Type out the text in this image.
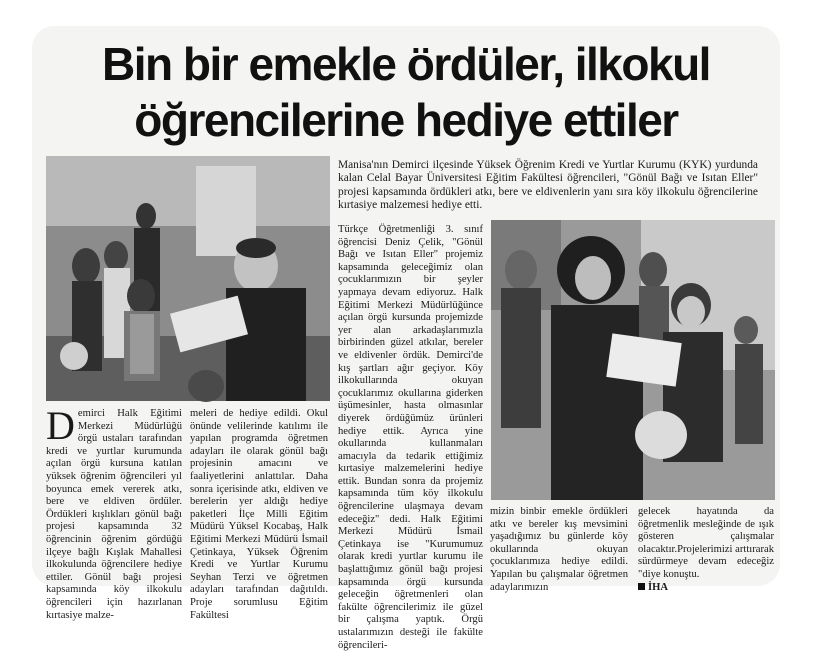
Bin bir emekle ördüler, ilkokul
öğrencilerine hediye ettiler
Manisa'nın Demirci ilçesinde Yüksek Öğrenim Kredi ve Yurtlar Kurumu (KYK) yurdunda kalan Celal Bayar Üniversitesi Eğitim Fakültesi öğrencileri, "Gönül Bağı ve Isıtan Eller" projesi kapsamında ördükleri atkı, bere ve eldivenlerin yanı sıra köy ilkokulu öğrencilerine kırtasiye malzemesi hediye etti.
Demirci Halk Eğitimi Merkezi Müdürlüğü örgü ustaları tarafından kredi ve yurtlar kurumunda açılan örgü kursuna katılan yüksek öğrenim öğrencileri yıl boyunca emek vererek atkı, bere ve eldiven ördüler. Ördükleri kışlıkları gönül bağı projesi kapsamında 32 öğrencinin öğrenim gördüğü ilçeye bağlı Kışlak Mahallesi ilkokulunda öğrencilere hediye ettiler. Gönül bağı projesi kapsamında köy ilkokulu öğrencileri için hazırlanan kırtasiye malze-
meleri de hediye edildi. Okul önünde velilerinde katılımı ile yapılan programda öğretmen adayları ile olarak gönül bağı projesinin amacını ve faaliyetlerini anlattılar. Daha sonra içerisinde atkı, eldiven ve berelerin yer aldığı hediye paketleri İlçe Milli Eğitim Müdürü Yüksel Kocabaş, Halk Eğitimi Merkezi Müdürü İsmail Çetinkaya, Yüksek Öğrenim Kredi ve Yurtlar Kurumu Seyhan Terzi ve öğretmen adayları tarafından dağıtıldı. Proje sorumlusu Eğitim Fakültesi
Türkçe Öğretmenliği 3. sınıf öğrencisi Deniz Çelik, "Gönül Bağı ve Isıtan Eller" projemiz kapsamında geleceğimiz olan çocuklarımızın bir şeyler yapmaya devam ediyoruz. Halk Eğitimi Merkezi Müdürlüğünce açılan örgü kursunda projemizde yer alan arkadaşlarımızla birbirinden güzel atkılar, bereler ve eldivenler ördük. Demirci'de kış şartları ağır geçiyor. Köy ilkokullarında okuyan çocuklarımız okullarına giderken üşümesinler, hasta olmasınlar diyerek ördüğümüz ürünleri hediye ettik. Ayrıca yine okullarında kullanmaları amacıyla da tedarik ettiğimiz kırtasiye malzemelerini hediye ettik. Bundan sonra da projemiz kapsamında tüm köy ilkokulu öğrencilerine ulaşmaya devam edeceğiz" dedi. Halk Eğitimi Merkezi Müdürü İsmail Çetinkaya ise "Kurumumuz olarak kredi yurtlar kurumu ile başlattığımız gönül bağı projesi kapsamında örgü kursunda geleceğin öğretmenleri olan fakülte öğrencilerimiz ile güzel bir çalışma yaptık. Örgü ustalarımızın desteği ile fakülte öğrencileri-
mizin binbir emekle ördükleri atkı ve bereler kış mevsimini yaşadığımız bu günlerde köy okullarında okuyan çocuklarımıza hediye edildi. Yapılan bu çalışmalar öğretmen adaylarımızın
gelecek hayatında da öğretmenlik mesleğinde de ışık gösteren çalışmalar olacaktır.Projelerimizi arttırarak sürdürmeye devam edeceğiz "diye konuştu.
İHA
